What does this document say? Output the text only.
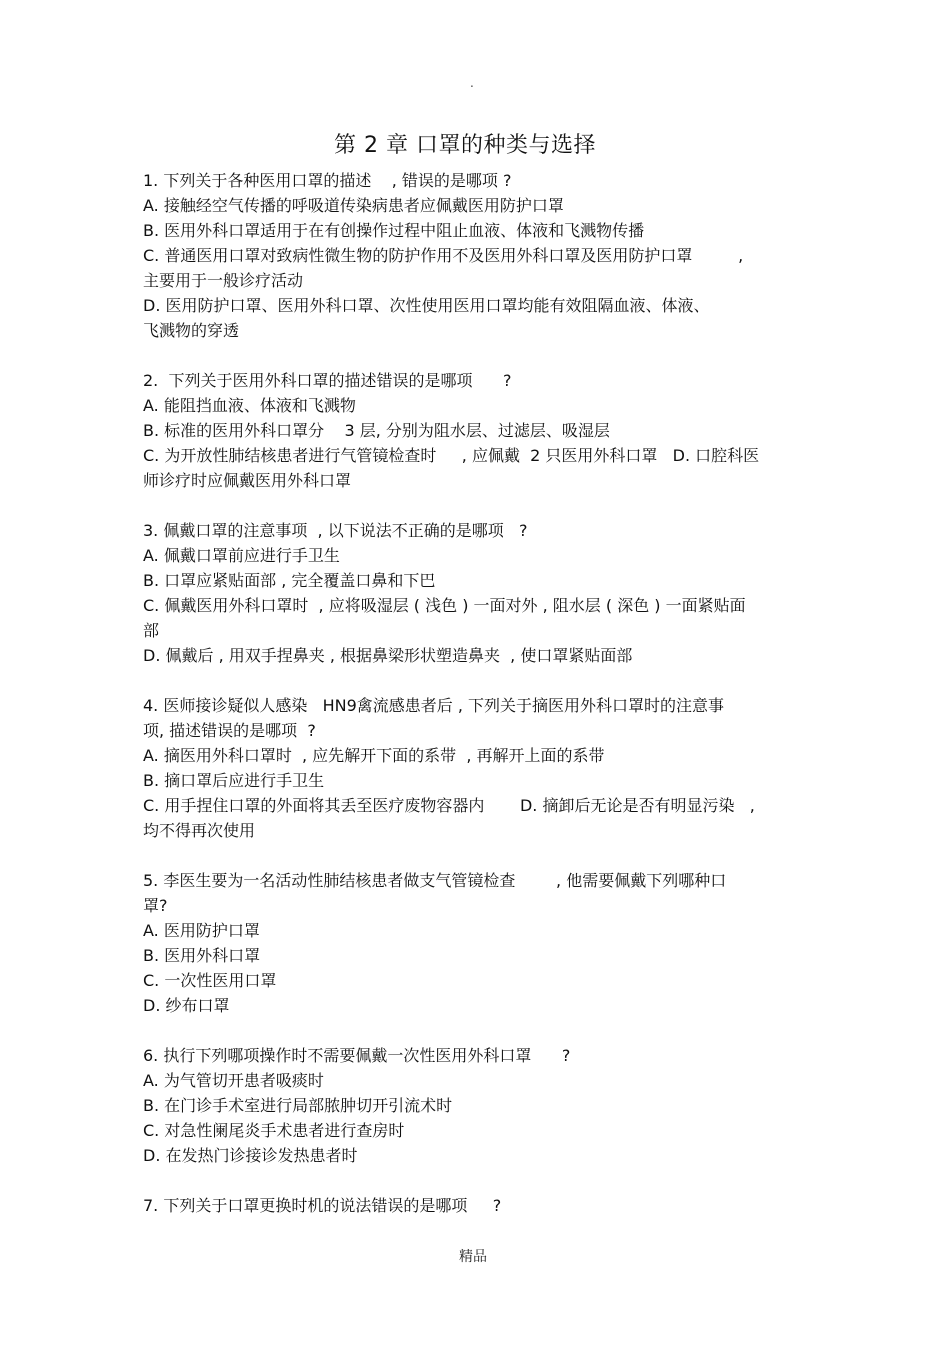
.
第 2 章 口罩的种类与选择
1. 下列关于各种医用口罩的描述    , 错误的是哪项 ?
A. 接触经空气传播的呼吸道传染病患者应佩戴医用防护口罩
B. 医用外科口罩适用于在有创操作过程中阻止血液、体液和飞溅物传播
C. 普通医用口罩对致病性微生物的防护作用不及医用外科口罩及医用防护口罩         ,
主要用于一般诊疗活动
D. 医用防护口罩、医用外科口罩、次性使用医用口罩均能有效阻隔血液、体液、
飞溅物的穿透
2.  下列关于医用外科口罩的描述错误的是哪项      ?
A. 能阻挡血液、体液和飞溅物
B. 标准的医用外科口罩分    3 层, 分别为阻水层、过滤层、吸湿层
C. 为开放性肺结核患者进行气管镜检查时     , 应佩戴  2 只医用外科口罩   D. 口腔科医
师诊疗时应佩戴医用外科口罩
3. 佩戴口罩的注意事项  , 以下说法不正确的是哪项   ?
A. 佩戴口罩前应进行手卫生
B. 口罩应紧贴面部 , 完全覆盖口鼻和下巴
C. 佩戴医用外科口罩时  , 应将吸湿层 ( 浅色 ) 一面对外 , 阻水层 ( 深色 ) 一面紧贴面
部
D. 佩戴后 , 用双手捏鼻夹 , 根据鼻梁形状塑造鼻夹  , 使口罩紧贴面部
4. 医师接诊疑似人感染   HN9禽流感患者后 , 下列关于摘医用外科口罩时的注意事
项, 描述错误的是哪项  ?
A. 摘医用外科口罩时  , 应先解开下面的系带  , 再解开上面的系带
B. 摘口罩后应进行手卫生
C. 用手捏住口罩的外面将其丢至医疗废物容器内       D. 摘卸后无论是否有明显污染   ,
均不得再次使用
5. 李医生要为一名活动性肺结核患者做支气管镜检查        , 他需要佩戴下列哪种口
罩?
A. 医用防护口罩
B. 医用外科口罩
C. 一次性医用口罩
D. 纱布口罩
6. 执行下列哪项操作时不需要佩戴一次性医用外科口罩      ?
A. 为气管切开患者吸痰时
B. 在门诊手术室进行局部脓肿切开引流术时
C. 对急性阑尾炎手术患者进行查房时
D. 在发热门诊接诊发热患者时
7. 下列关于口罩更换时机的说法错误的是哪项     ?
精品
